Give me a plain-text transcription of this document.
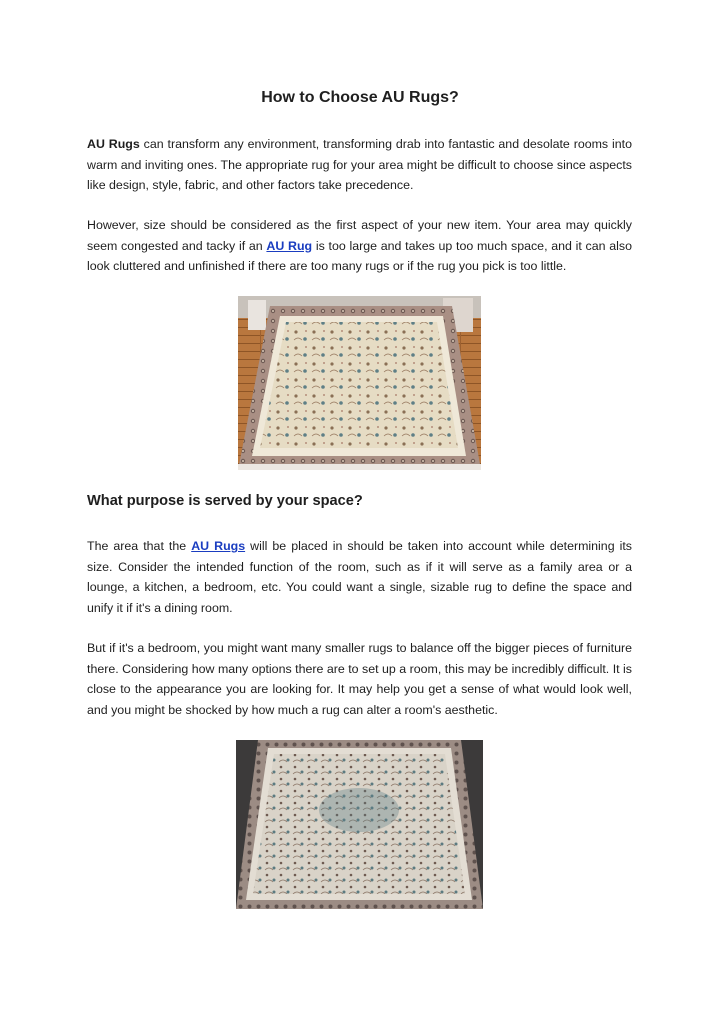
How to Choose AU Rugs?

AU Rugs can transform any environment, transforming drab into fantastic and desolate rooms into warm and inviting ones. The appropriate rug for your area might be difficult to choose since aspects like design, style, fabric, and other factors take precedence.

However, size should be considered as the first aspect of your new item. Your area may quickly seem congested and tacky if an AU Rug is too large and takes up too much space, and it can also look cluttered and unfinished if there are too many rugs or if the rug you pick is too little.

What purpose is served by your space?

The area that the AU Rugs will be placed in should be taken into account while determining its size. Consider the intended function of the room, such as if it will serve as a family area or a lounge, a kitchen, a bedroom, etc. You could want a single, sizable rug to define the space and unify it if it's a dining room.

But if it's a bedroom, you might want many smaller rugs to balance off the bigger pieces of furniture there. Considering how many options there are to set up a room, this may be incredibly difficult. It is close to the appearance you are looking for. It may help you get a sense of what would look well, and you might be shocked by how much a rug can alter a room's aesthetic.
